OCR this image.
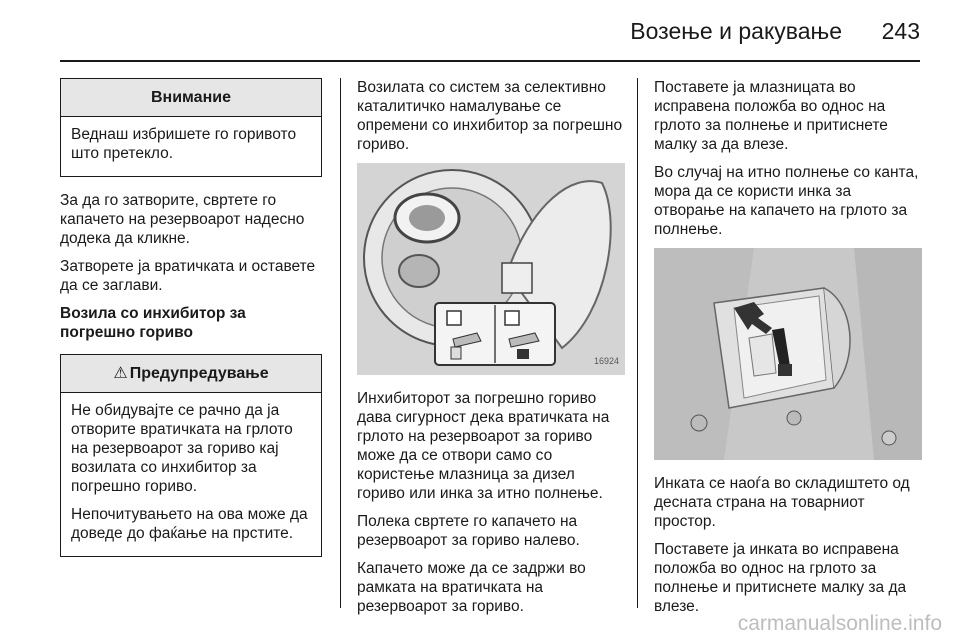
Возење и ракување 243
Внимание

Веднаш избришете го горивото што претекло.

За да го затворите, свртете го капачето на резервоарот надесно додека да кликне.

Затворете ја вратичката и оставете да се заглави.

Возила со инхибитор за погрешно гориво
⚠ Предупредување

Не обидувајте се рачно да ја отворите вратичката на грлото на резервоарот за гориво кај возилата со инхибитор за погрешно гориво.

Непочитувањето на ова може да доведе до фаќање на прстите.

Возилата со систем за селективно каталитичко намалување се опремени со инхибитор за погрешно гориво.

16924

Инхибиторот за погрешно гориво дава сигурност дека вратичката на грлото на резервоарот за гориво може да се отвори само со користење млазница за дизел гориво или инка за итно полнење.

Полека свртете го капачето на резервоарот за гориво налево.

Капачето може да се задржи во рамката на вратичката на резервоарот за гориво.

Поставете ја млазницата во исправена положба во однос на грлото за полнење и притиснете малку за да влезе.

Во случај на итно полнење со канта, мора да се користи инка за отворање на капачето на грлото за полнење.

Инката се наоѓа во складиштето од десната страна на товарниот простор.

Поставете ја инката во исправена положба во однос на грлото за полнење и притиснете малку за да влезе.

carmanualsonline.info
